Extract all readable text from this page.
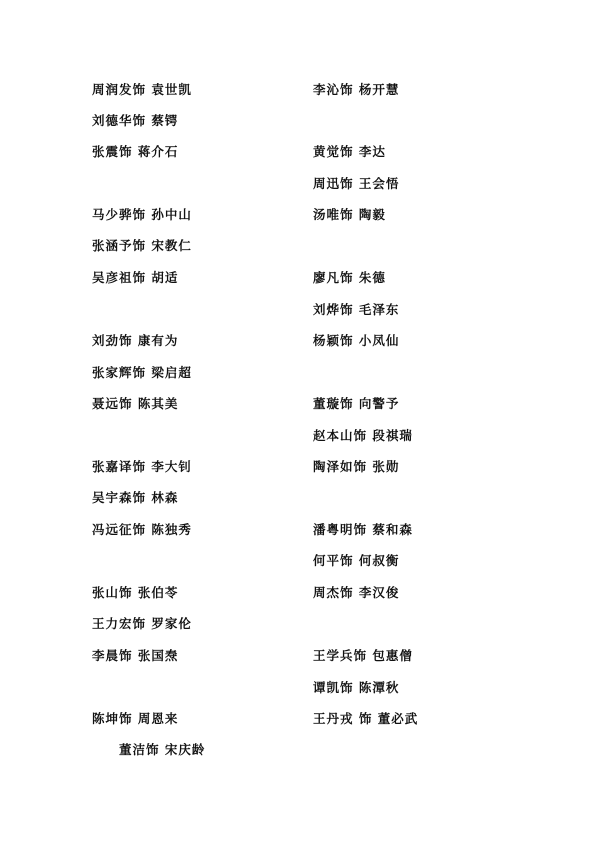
周润发饰 袁世凯
刘德华饰 蔡锷
张震饰 蒋介石
马少骅饰 孙中山
张涵予饰 宋教仁
吴彦祖饰 胡适
刘劲饰 康有为
张家辉饰 梁启超
聂远饰 陈其美
张嘉译饰 李大钊
吴宇森饰 林森
冯远征饰 陈独秀
张山饰 张伯苓
王力宏饰 罗家伦
李晨饰 张国焘
陈坤饰 周恩来
董洁饰 宋庆龄
李沁饰 杨开慧
黄觉饰 李达
周迅饰 王会悟
汤唯饰 陶毅
廖凡饰 朱德
刘烨饰 毛泽东
杨颖饰 小凤仙
董璇饰 向警予
赵本山饰 段祺瑞
陶泽如饰 张勋
潘粤明饰 蔡和森
何平饰 何叔衡
周杰饰 李汉俊
王学兵饰 包惠僧
谭凯饰 陈潭秋
王丹戎 饰 董必武
